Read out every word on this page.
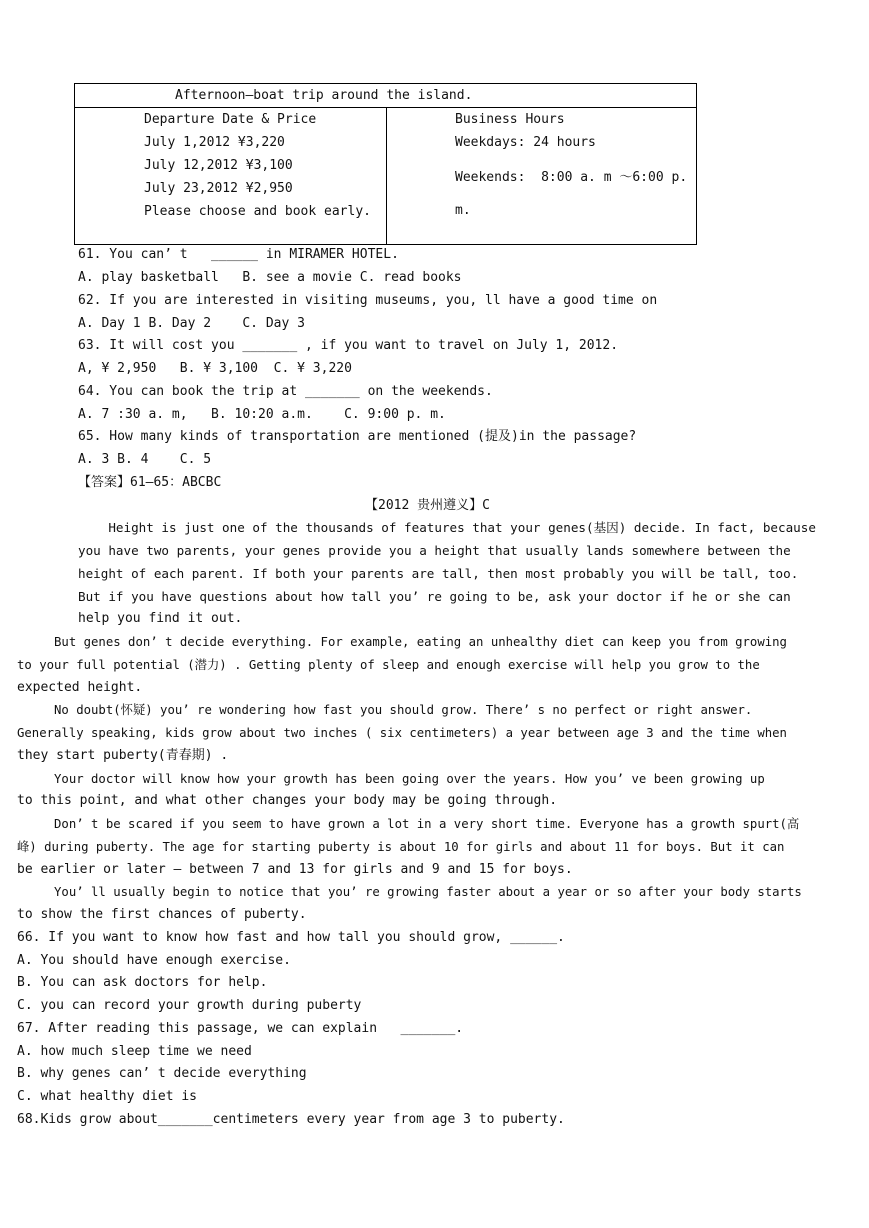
Afternoon—boat trip around the island.

Departure Date & Price
July 1,2012 ¥3,220
July 12,2012 ¥3,100
July 23,2012 ¥2,950
Please choose and book early.

Business Hours
Weekdays: 24 hours
Weekends:  8:00 a. m ～6:00 p.
m.
61. You can’ t   ______ in MIRAMER HOTEL.
A. play basketball   B. see a movie C. read books
62. If you are interested in visiting museums, you, ll have a good time on
A. Day 1 B. Day 2    C. Day 3
63. It will cost you _______ , if you want to travel on July 1, 2012.
A, ¥ 2,950   B. ¥ 3,100  C. ¥ 3,220
64. You can book the trip at _______ on the weekends.
A. 7 :30 a. m,   B. 10:20 a.m.    C. 9:00 p. m.
65. How many kinds of transportation are mentioned (提及)in the passage?
A. 3 B. 4    C. 5
【答案】61—65：ABCBC
【2012 贵州遵义】C
Height is just one of the thousands of features that your genes(基因) decide. In fact, because
you have two parents, your genes provide you a height that usually lands somewhere between the
height of each parent. If both your parents are tall, then most probably you will be tall, too.
But if you have questions about how tall you’ re going to be, ask your doctor if he or she can
help you find it out.
But genes don’ t decide everything. For example, eating an unhealthy diet can keep you from growing
to your full potential (潜力) . Getting plenty of sleep and enough exercise will help you grow to the
expected height.
No doubt(怀疑) you’ re wondering how fast you should grow. There’ s no perfect or right answer.
Generally speaking, kids grow about two inches ( six centimeters) a year between age 3 and the time when
they start puberty(青春期) .
Your doctor will know how your growth has been going over the years. How you’ ve been growing up
to this point, and what other changes your body may be going through.
Don’ t be scared if you seem to have grown a lot in a very short time. Everyone has a growth spurt(高
峰) during puberty. The age for starting puberty is about 10 for girls and about 11 for boys. But it can
be earlier or later — between 7 and 13 for girls and 9 and 15 for boys.
You’ ll usually begin to notice that you’ re growing faster about a year or so after your body starts
to show the first chances of puberty.
66. If you want to know how fast and how tall you should grow, ______.
A. You should have enough exercise.
B. You can ask doctors for help.
C. you can record your growth during puberty
67. After reading this passage, we can explain   _______.
A. how much sleep time we need
B. why genes can’ t decide everything
C. what healthy diet is
68.Kids grow about_______centimeters every year from age 3 to puberty.
